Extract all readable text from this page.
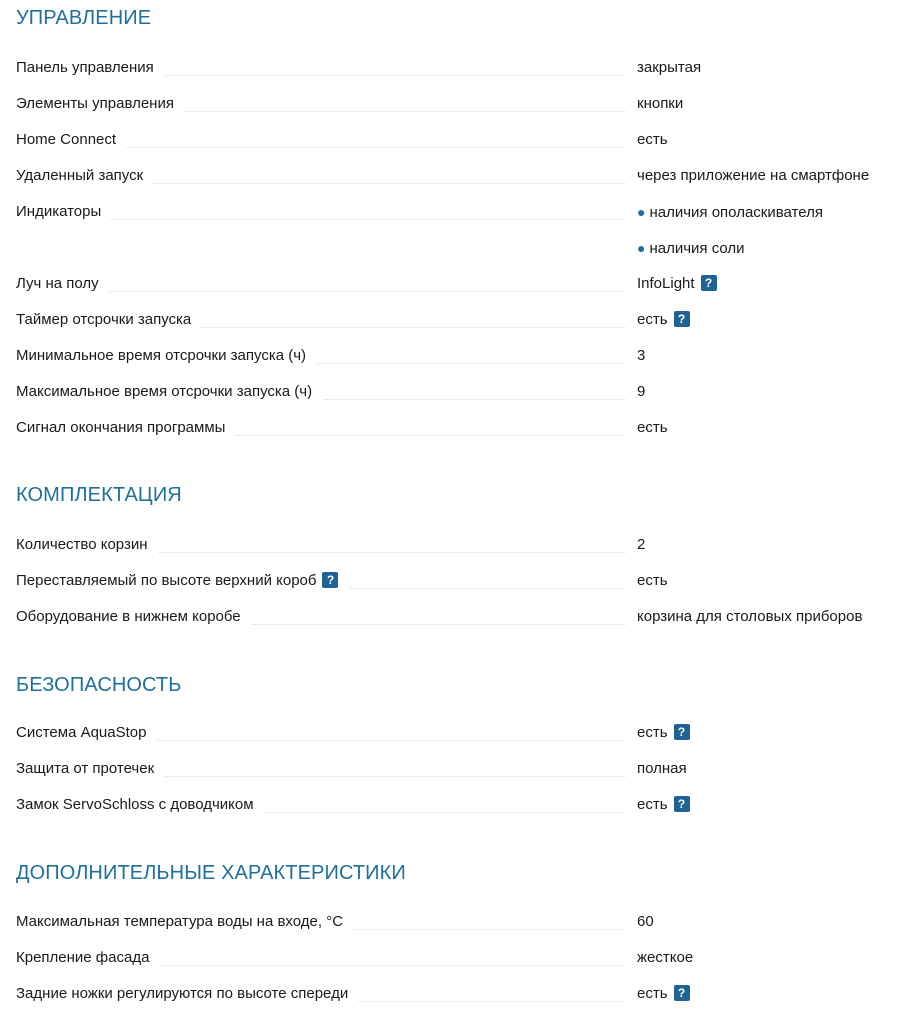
УПРАВЛЕНИЕ
Панель управления	закрытая
Элементы управления	кнопки
Home Connect	есть
Удаленный запуск	через приложение на смартфоне
Индикаторы	● наличия ополаскивателя
● наличия соли
Луч на полу	InfoLight ?
Таймер отсрочки запуска	есть ?
Минимальное время отсрочки запуска (ч)	3
Максимальное время отсрочки запуска (ч)	9
Сигнал окончания программы	есть
КОМПЛЕКТАЦИЯ
Количество корзин	2
Переставляемый по высоте верхний короб ?	есть
Оборудование в нижнем коробе	корзина для столовых приборов
БЕЗОПАСНОСТЬ
Система AquaStop	есть ?
Защита от протечек	полная
Замок ServoSchloss с доводчиком	есть ?
ДОПОЛНИТЕЛЬНЫЕ ХАРАКТЕРИСТИКИ
Максимальная температура воды на входе, °С	60
Крепление фасада	жесткое
Задние ножки регулируются по высоте спереди	есть ?
